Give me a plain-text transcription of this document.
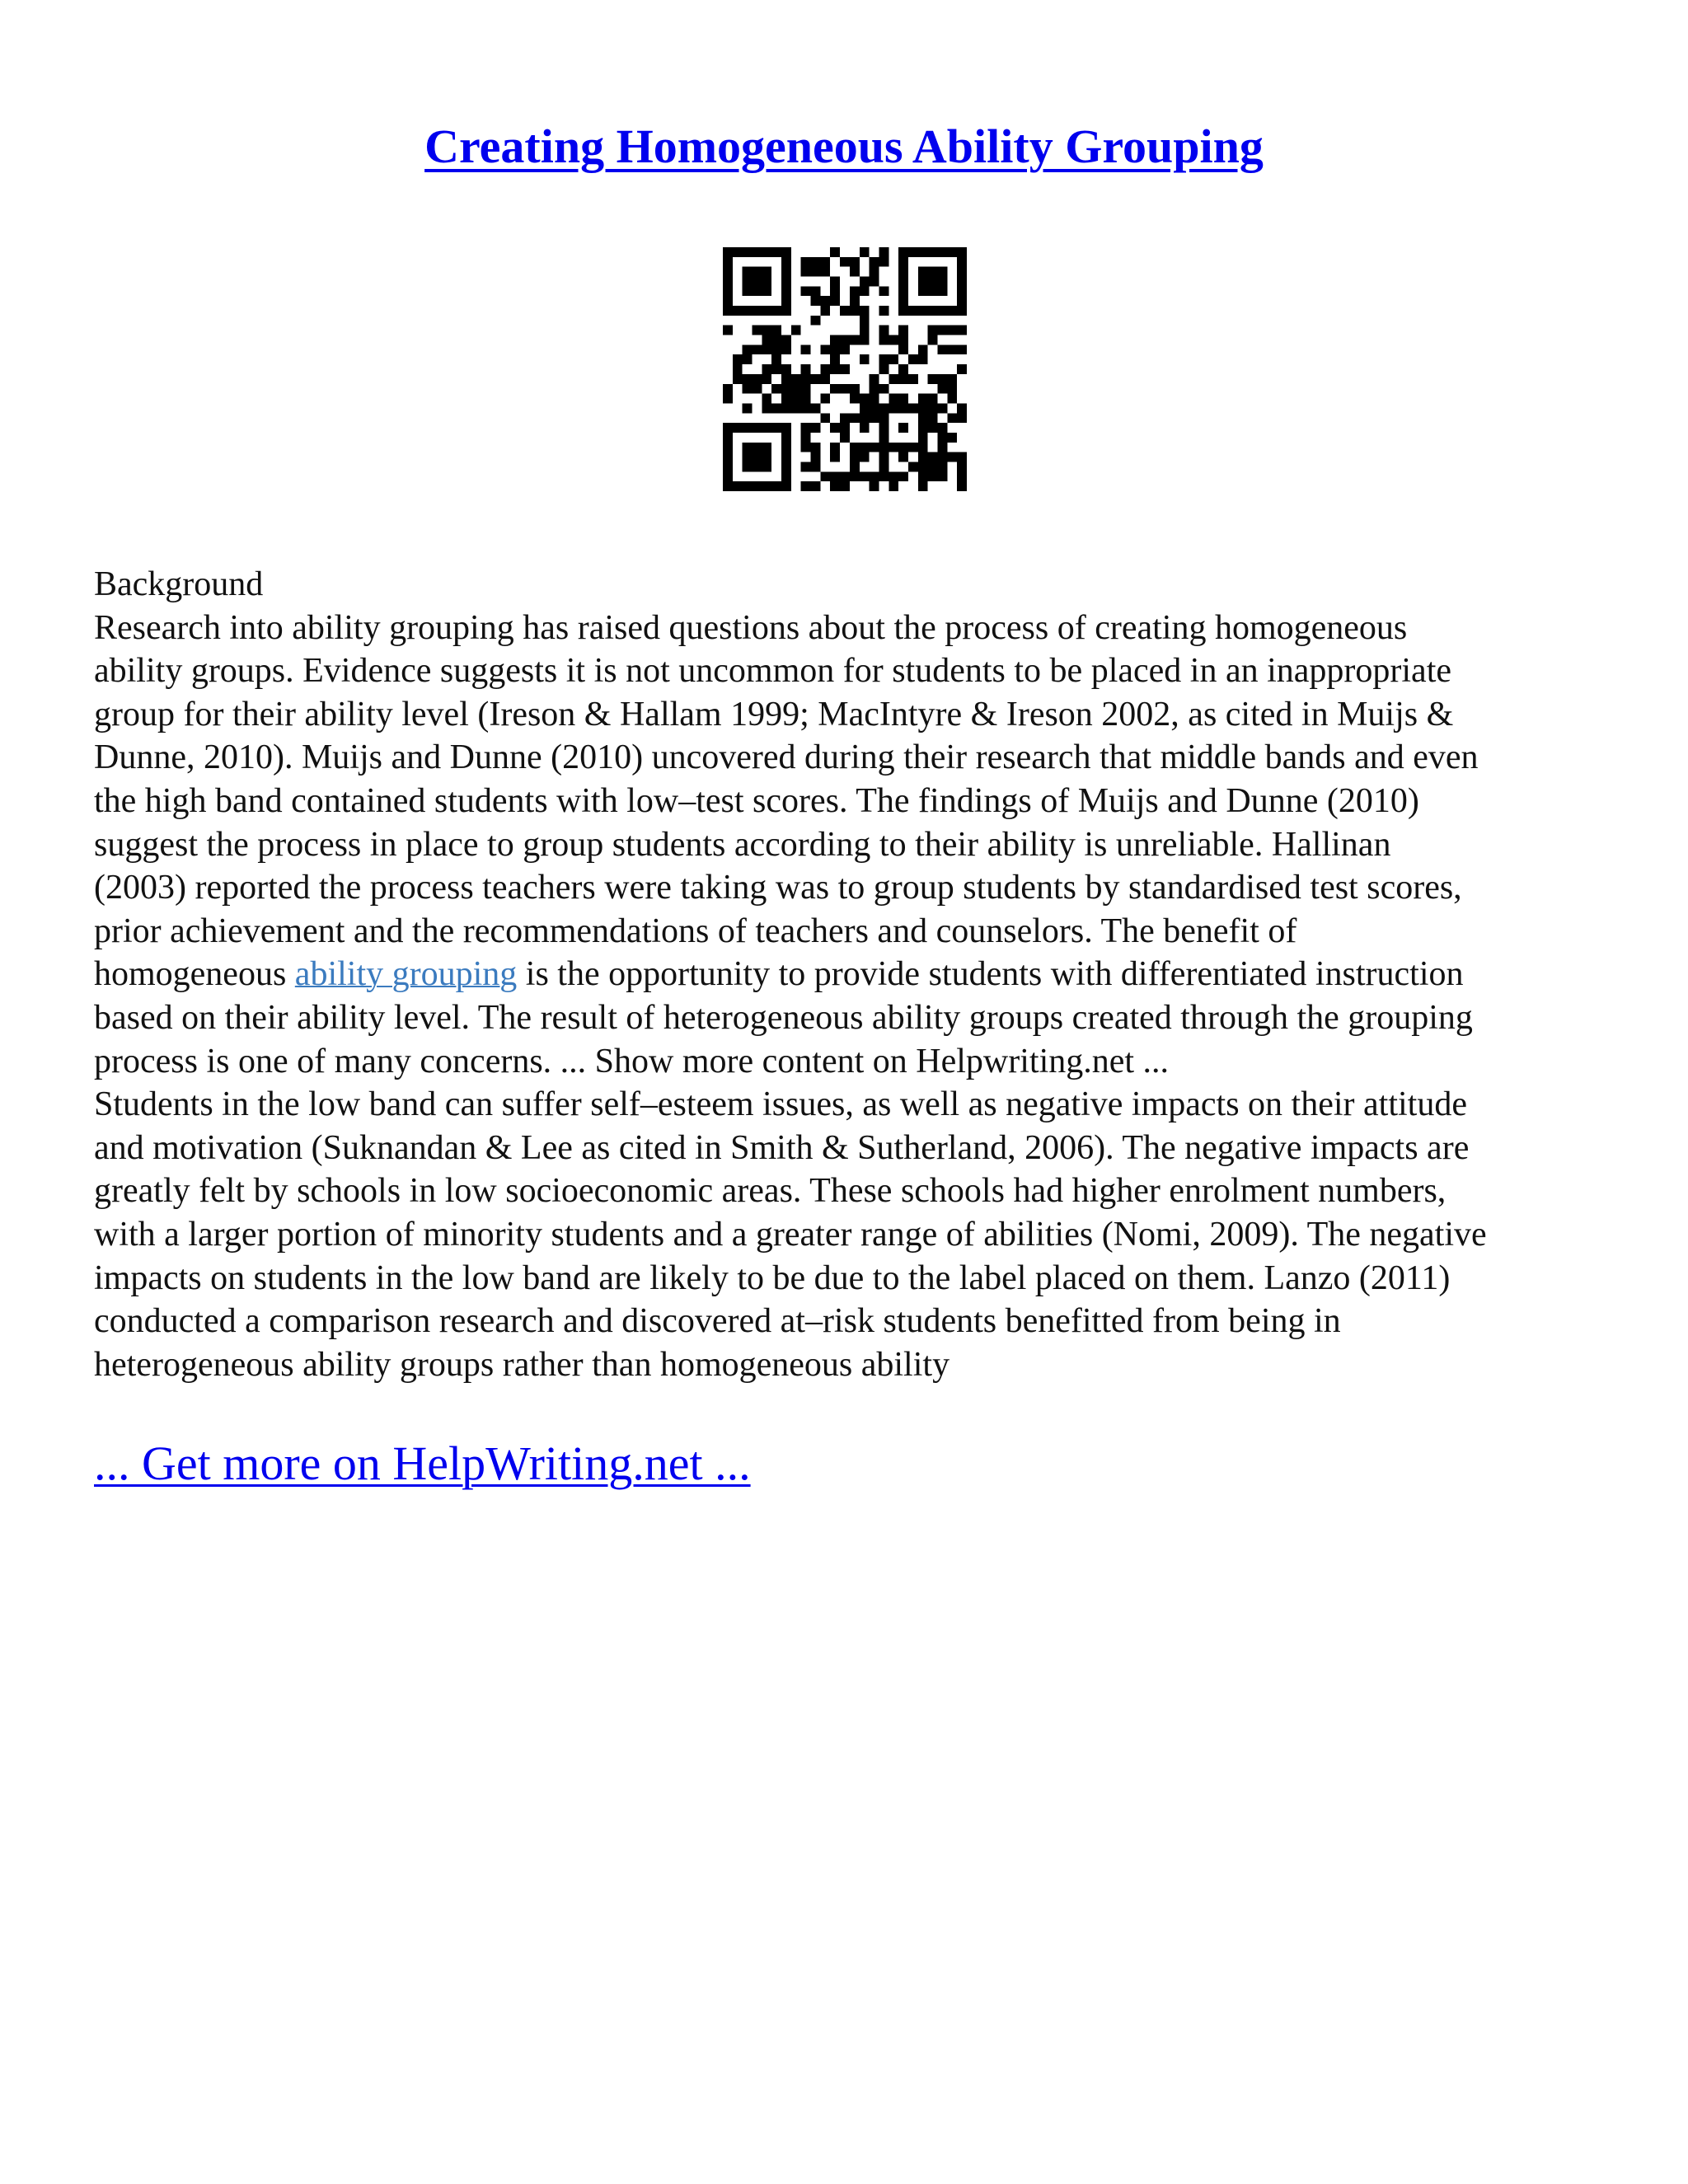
Creating Homogeneous Ability Grouping

Background

Research into ability grouping has raised questions about the process of creating homogeneous

ability groups. Evidence suggests it is not uncommon for students to be placed in an inappropriate

group for their ability level (Ireson & Hallam 1999; MacIntyre & Ireson 2002, as cited in Muijs &

Dunne, 2010). Muijs and Dunne (2010) uncovered during their research that middle bands and even

the high band contained students with low–test scores. The findings of Muijs and Dunne (2010)

suggest the process in place to group students according to their ability is unreliable. Hallinan

(2003) reported the process teachers were taking was to group students by standardised test scores,

prior achievement and the recommendations of teachers and counselors. The benefit of

homogeneous ability grouping is the opportunity to provide students with differentiated instruction

based on their ability level. The result of heterogeneous ability groups created through the grouping

process is one of many concerns. ... Show more content on Helpwriting.net ...

Students in the low band can suffer self–esteem issues, as well as negative impacts on their attitude

and motivation (Suknandan & Lee as cited in Smith & Sutherland, 2006). The negative impacts are

greatly felt by schools in low socioeconomic areas. These schools had higher enrolment numbers,

with a larger portion of minority students and a greater range of abilities (Nomi, 2009). The negative

impacts on students in the low band are likely to be due to the label placed on them. Lanzo (2011)

conducted a comparison research and discovered at–risk students benefitted from being in

heterogeneous ability groups rather than homogeneous ability

... Get more on HelpWriting.net ...
